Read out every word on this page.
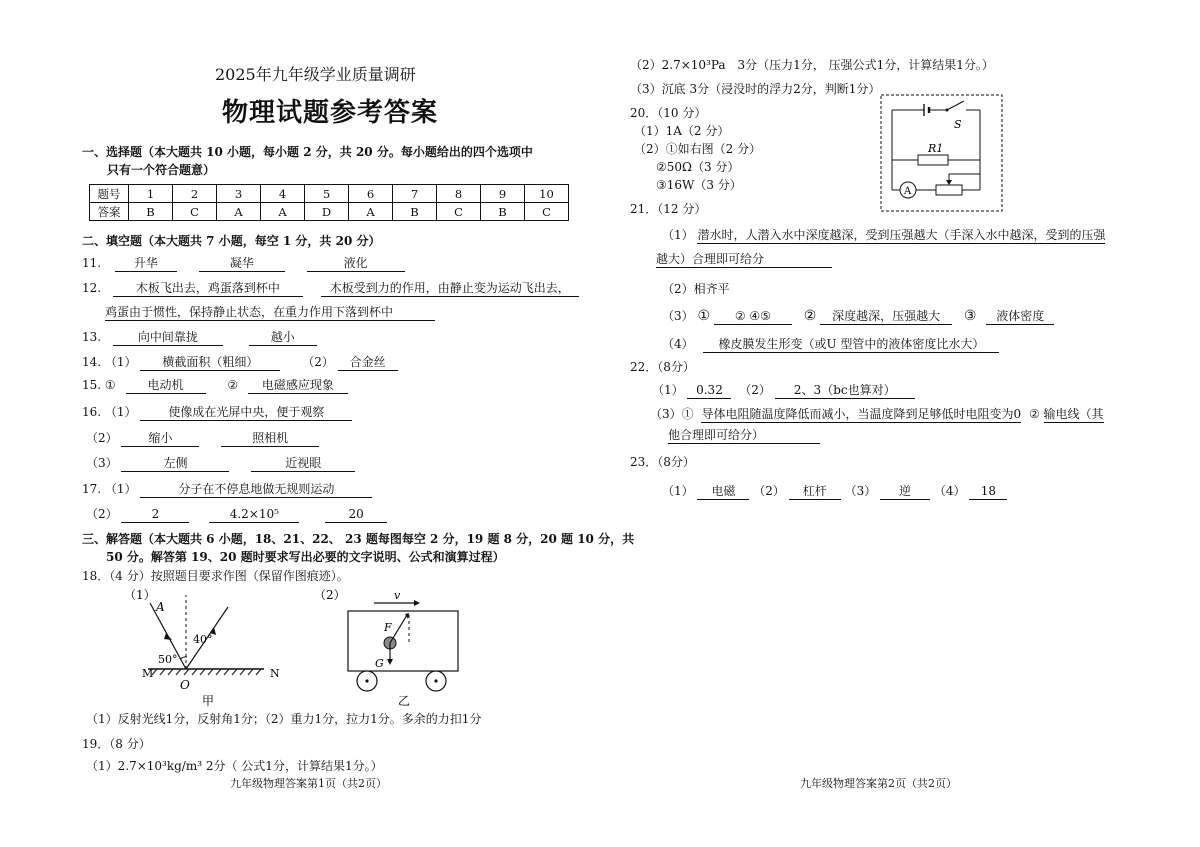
2025年九年级学业质量调研
物理试题参考答案
一、选择题（本大题共 10 小题，每小题 2 分，共 20 分。每小题给出的四个选项中
只有一个符合题意）
题号	1	2	3	4	5	6	7	8	9	10
答案	B	C	A	A	D	A	B	C	B	C
二、填空题（本大题共 7 小题，每空 1 分，共 20 分）
11.	升华	凝华	液化
12.	木板飞出去，鸡蛋落到杯中	木板受到力的作用，由静止变为运动飞出去，
鸡蛋由于惯性，保持静止状态，在重力作用下落到杯中
13.	向中间靠拢	越小
14. （1） 横截面积（粗细）	（2） 合金丝
15. ①	电动机	② 电磁感应现象
16. （1）	使像成在光屏中央，便于观察
（2）	缩小	照相机
（3）	左侧	近视眼
17. （1）	分子在不停息地做无规则运动
（2）	2	4.2×10⁵	20
三、解答题（本大题共 6 小题，18、21、22、 23 题每图每空 2 分，19 题 8 分，20 题 10 分，共
50 分。解答第 19、20 题时要求写出必要的文字说明、公式和演算过程）
18．（4 分）按照题目要求作图（保留作图痕迹）。
（1）
A
O
M	N
50°
40°
甲
（2）	v
F
G
乙
（1）反射光线1分，反射角1分；（2）重力1分，拉力1分。多余的力扣1分
19．（8 分）
（1）2.7×10³kg/m³ 2分（ 公式1分，计算结果1分。）
九年级物理答案第1页（共2页）
（2）2.7×10³Pa　3分（压力1分， 压强公式1分，计算结果1分。）
（3）沉底 3分（浸没时的浮力2分，判断1分）
20．（10 分）
（1）1A（2 分）
（2）①如右图（2 分）
②50Ω（3 分）
③16W（3 分）
S
R1
A
21．（12 分）
（1） 潜水时，人潜入水中深度越深，受到压强越大（手深入水中越深，受到的压强
越大）合理即可给分
（2）相齐平
（3） ① ② ④⑤ ② 深度越深，压强越大 ③ 液体密度
（4） 橡皮膜发生形变（或U 型管中的液体密度比水大）
22．（8分）
（1） 0.32 （2） 2、3（bc也算对）
（3）① 导体电阻随温度降低而减小，当温度降到足够低时电阻变为0 ② 输电线（其
他合理即可给分）
23．（8分）
（1） 电磁 （2） 杠杆 （3） 逆 （4） 18
九年级物理答案第2页（共2页）
